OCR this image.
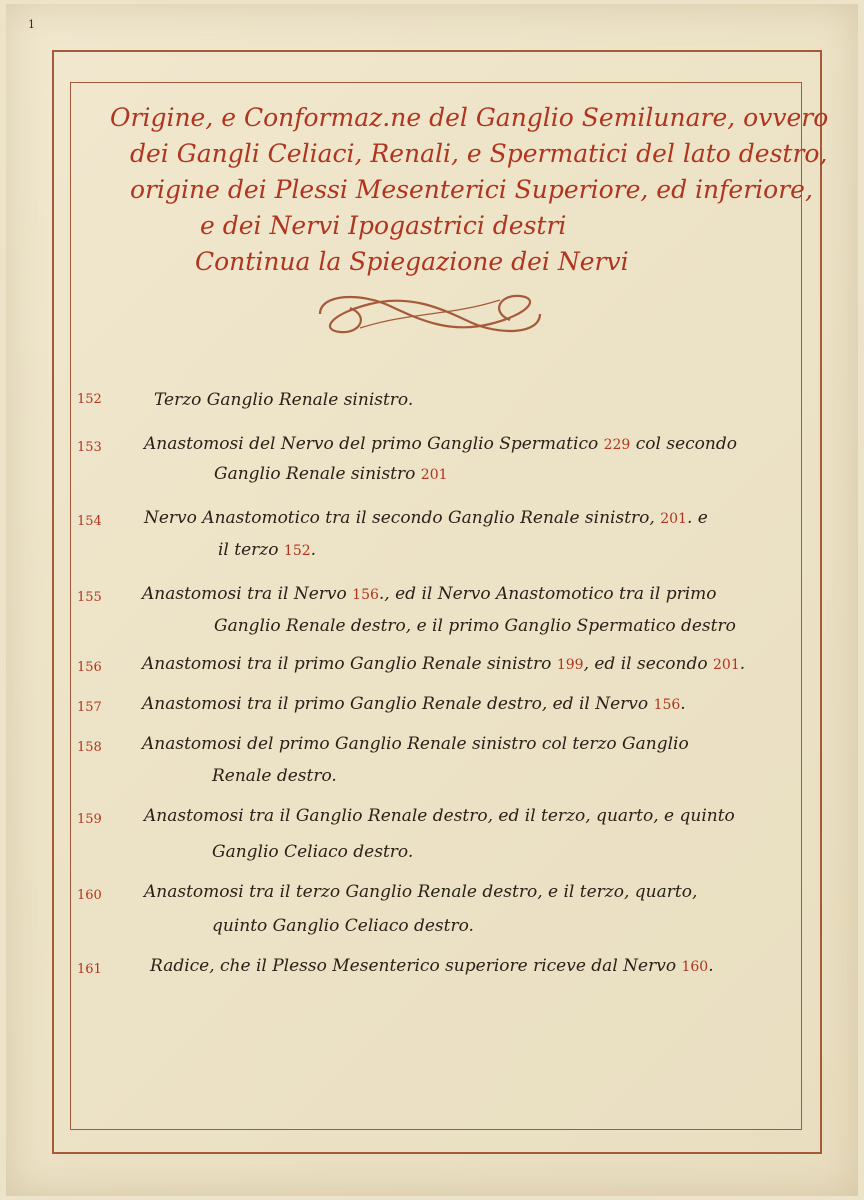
1
Origine, e Conformaz.ne del Ganglio Semilunare, ovvero
dei Gangli Celiaci, Renali, e Spermatici del lato destro,
origine dei Plessi Mesenterici Superiore, ed inferiore,
e dei Nervi Ipogastrici destri
Continua la Spiegazione dei Nervi
152	Terzo Ganglio Renale sinistro.
153 Anastomosi del Nervo del primo Ganglio Spermatico 229 col secondo
Ganglio Renale sinistro 201
154 Nervo Anastomotico tra il secondo Ganglio Renale sinistro, 201. e
il terzo 152.
155 Anastomosi tra il Nervo 156., ed il Nervo Anastomotico tra il primo
Ganglio Renale destro, e il primo Ganglio Spermatico destro
156 Anastomosi tra il primo Ganglio Renale sinistro 199, ed il secondo 201.
157 Anastomosi tra il primo Ganglio Renale destro, ed il Nervo 156.
158 Anastomosi del primo Ganglio Renale sinistro col terzo Ganglio
Renale destro.
159 Anastomosi tra il Ganglio Renale destro, ed il terzo, quarto, e quinto
Ganglio Celiaco destro.
160 Anastomosi tra il terzo Ganglio Renale destro, e il terzo, quarto,
quinto Ganglio Celiaco destro.
161	Radice, che il Plesso Mesenterico superiore riceve dal Nervo 160.
